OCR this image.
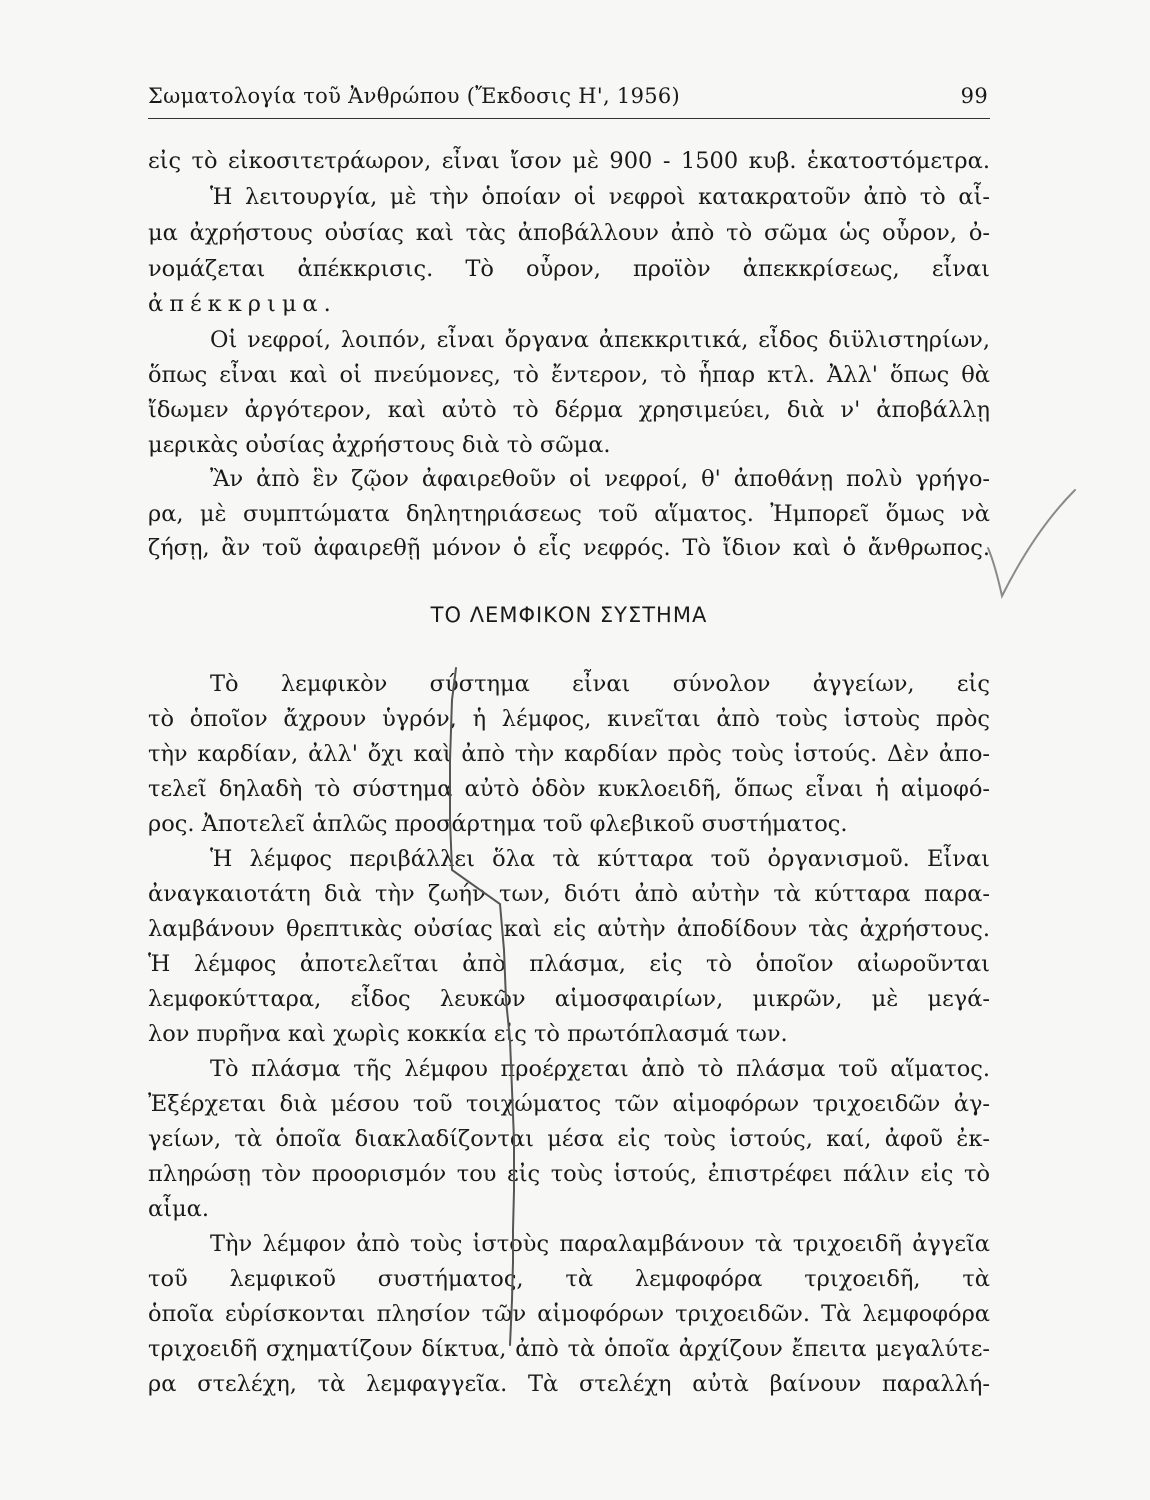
Σωματολογία τοῦ Ἀνθρώπου (Ἔκδοσις Η', 1956)	99
εἰς τὸ εἰκοσιτετράωρον, εἶναι ἴσον μὲ 900 - 1500 κυβ. ἑκατοστόμετρα.
Ἡ λειτουργία, μὲ τὴν ὁποίαν οἱ νεφροὶ κατακρατοῦν ἀπὸ τὸ αἷ-
μα ἀχρήστους οὐσίας καὶ τὰς ἀποβάλλουν ἀπὸ τὸ σῶμα ὡς οὖρον, ὀ-
νομάζεται ἀπέκκρισις. Τὸ οὖρον, προϊὸν ἀπεκκρίσεως, εἶναι
ἀπέκκριμα.
Οἱ νεφροί, λοιπόν, εἶναι ὄργανα ἀπεκκριτικά, εἶδος διϋλιστηρίων,
ὅπως εἶναι καὶ οἱ πνεύμονες, τὸ ἔντερον, τὸ ἧπαρ κτλ. Ἀλλ' ὅπως θὰ
ἴδωμεν ἀργότερον, καὶ αὐτὸ τὸ δέρμα χρησιμεύει, διὰ ν' ἀποβάλλῃ
μερικὰς οὐσίας ἀχρήστους διὰ τὸ σῶμα.
Ἂν ἀπὸ ἓν ζῷον ἀφαιρεθοῦν οἱ νεφροί, θ' ἀποθάνῃ πολὺ γρήγο-
ρα, μὲ συμπτώματα δηλητηριάσεως τοῦ αἵματος. Ἠμπορεῖ ὅμως νὰ
ζήσῃ, ἂν τοῦ ἀφαιρεθῇ μόνον ὁ εἷς νεφρός. Τὸ ἴδιον καὶ ὁ ἄνθρωπος.
ΤΟ ΛΕΜΦΙΚΟΝ ΣΥΣΤΗΜΑ
Τὸ λεμφικὸν σύστημα εἶναι σύνολον ἀγγείων, εἰς
τὸ ὁποῖον ἄχρουν ὑγρόν, ἡ λέμφος, κινεῖται ἀπὸ τοὺς ἱστοὺς πρὸς
τὴν καρδίαν, ἀλλ' ὄχι καὶ ἀπὸ τὴν καρδίαν πρὸς τοὺς ἱστούς. Δὲν ἀπο-
τελεῖ δηλαδὴ τὸ σύστημα αὐτὸ ὁδὸν κυκλοειδῆ, ὅπως εἶναι ἡ αἱμοφό-
ρος. Ἀποτελεῖ ἁπλῶς προσάρτημα τοῦ φλεβικοῦ συστήματος.
Ἡ λέμφος περιβάλλει ὅλα τὰ κύτταρα τοῦ ὀργανισμοῦ. Εἶναι
ἀναγκαιοτάτη διὰ τὴν ζωήν των, διότι ἀπὸ αὐτὴν τὰ κύτταρα παρα-
λαμβάνουν θρεπτικὰς οὐσίας καὶ εἰς αὐτὴν ἀποδίδουν τὰς ἀχρήστους.
Ἡ λέμφος ἀποτελεῖται ἀπὸ πλάσμα, εἰς τὸ ὁποῖον αἰωροῦνται
λεμφοκύτταρα, εἶδος λευκῶν αἱμοσφαιρίων, μικρῶν, μὲ μεγά-
λον πυρῆνα καὶ χωρὶς κοκκία εἰς τὸ πρωτόπλασμά των.
Τὸ πλάσμα τῆς λέμφου προέρχεται ἀπὸ τὸ πλάσμα τοῦ αἵματος.
Ἐξέρχεται διὰ μέσου τοῦ τοιχώματος τῶν αἱμοφόρων τριχοειδῶν ἀγ-
γείων, τὰ ὁποῖα διακλαδίζονται μέσα εἰς τοὺς ἱστούς, καί, ἀφοῦ ἐκ-
πληρώσῃ τὸν προορισμόν του εἰς τοὺς ἱστούς, ἐπιστρέφει πάλιν εἰς τὸ
αἷμα.
Τὴν λέμφον ἀπὸ τοὺς ἱστοὺς παραλαμβάνουν τὰ τριχοειδῆ ἀγγεῖα
τοῦ λεμφικοῦ συστήματος, τὰ λεμφοφόρα τριχοειδῆ, τὰ
ὁποῖα εὑρίσκονται πλησίον τῶν αἱμοφόρων τριχοειδῶν. Τὰ λεμφοφόρα
τριχοειδῆ σχηματίζουν δίκτυα, ἀπὸ τὰ ὁποῖα ἀρχίζουν ἔπειτα μεγαλύτε-
ρα στελέχη, τὰ λεμφαγγεῖα. Τὰ στελέχη αὐτὰ βαίνουν παραλλή-
